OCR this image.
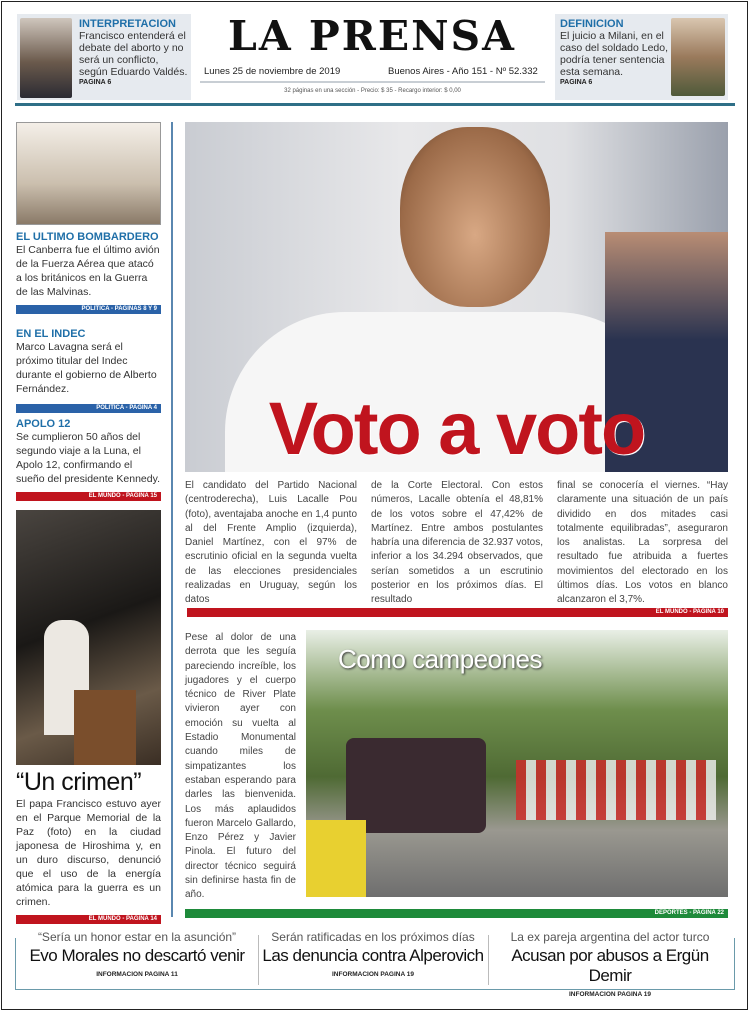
INTERPRETACION
Francisco entenderá el debate del aborto y no será un conflicto, según Eduardo Valdés.
PAGINA 6
LA PRENSA
Lunes 25 de noviembre de 2019	Buenos Aires - Año 151 - Nº 52.332
32 páginas en una sección - Precio: $ 35 - Recargo interior: $ 0,00
DEFINICION
El juicio a Milani, en el caso del soldado Ledo, podría tener sentencia esta semana.
PAGINA 6
EL ULTIMO BOMBARDERO
El Canberra fue el último avión de la Fuerza Aérea que atacó a los británicos en la Guerra de las Malvinas.
POLITICA - PAGINAS 8 Y 9
EN EL INDEC
Marco Lavagna será el próximo titular del Indec durante el gobierno de Alberto Fernández.
POLITICA - PAGINA 4
APOLO 12
Se cumplieron 50 años del segundo viaje a la Luna, el Apolo 12, confirmando el sueño del presidente Kennedy.
EL MUNDO - PAGINA 15
“Un crimen”
El papa Francisco estuvo ayer en el Parque Memorial de la Paz (foto) en la ciudad japonesa de Hiroshima y, en un duro discurso, denunció que el uso de la energía atómica para la guerra es un crimen.
EL MUNDO - PAGINA 14
Voto a voto
El candidato del Partido Nacional (centroderecha), Luis Lacalle Pou (foto), aventajaba anoche en 1,4 punto al del Frente Amplio (izquierda), Daniel Martínez, con el 97% de escrutinio oficial en la segunda vuelta de las elecciones presidenciales realizadas en Uruguay, según los datos
de la Corte Electoral. Con estos números, Lacalle obtenía el 48,81% de los votos sobre el 47,42% de Martínez. Entre ambos postulantes habría una diferencia de 32.937 votos, inferior a los 34.294 observados, que serían sometidos a un escrutinio posterior en los próximos días. El resultado
final se conocería el viernes. “Hay claramente una situación de un país dividido en dos mitades casi totalmente equilibradas”, aseguraron los analistas. La sorpresa del resultado fue atribuida a fuertes movimientos del electorado en los últimos días. Los votos en blanco alcanzaron el 3,7%.
EL MUNDO - PAGINA 10
Pese al dolor de una derrota que les seguía pareciendo increíble, los jugadores y el cuerpo técnico de River Plate vivieron ayer con emoción su vuelta al Estadio Monumental cuando miles de simpatizantes los estaban esperando para darles las bienvenida. Los más aplaudidos fueron Marcelo Gallardo, Enzo Pérez y Javier Pinola. El futuro del director técnico seguirá sin definirse hasta fin de año.
Como campeones
DEPORTES - PAGINA 22
“Sería un honor estar en la asunción”
Evo Morales no descartó venir
INFORMACION PAGINA 11
Serán ratificadas en los próximos días
Las denuncia contra Alperovich
INFORMACION PAGINA 19
La ex pareja argentina del actor turco
Acusan por abusos a Ergün Demir
INFORMACION PAGINA 19
